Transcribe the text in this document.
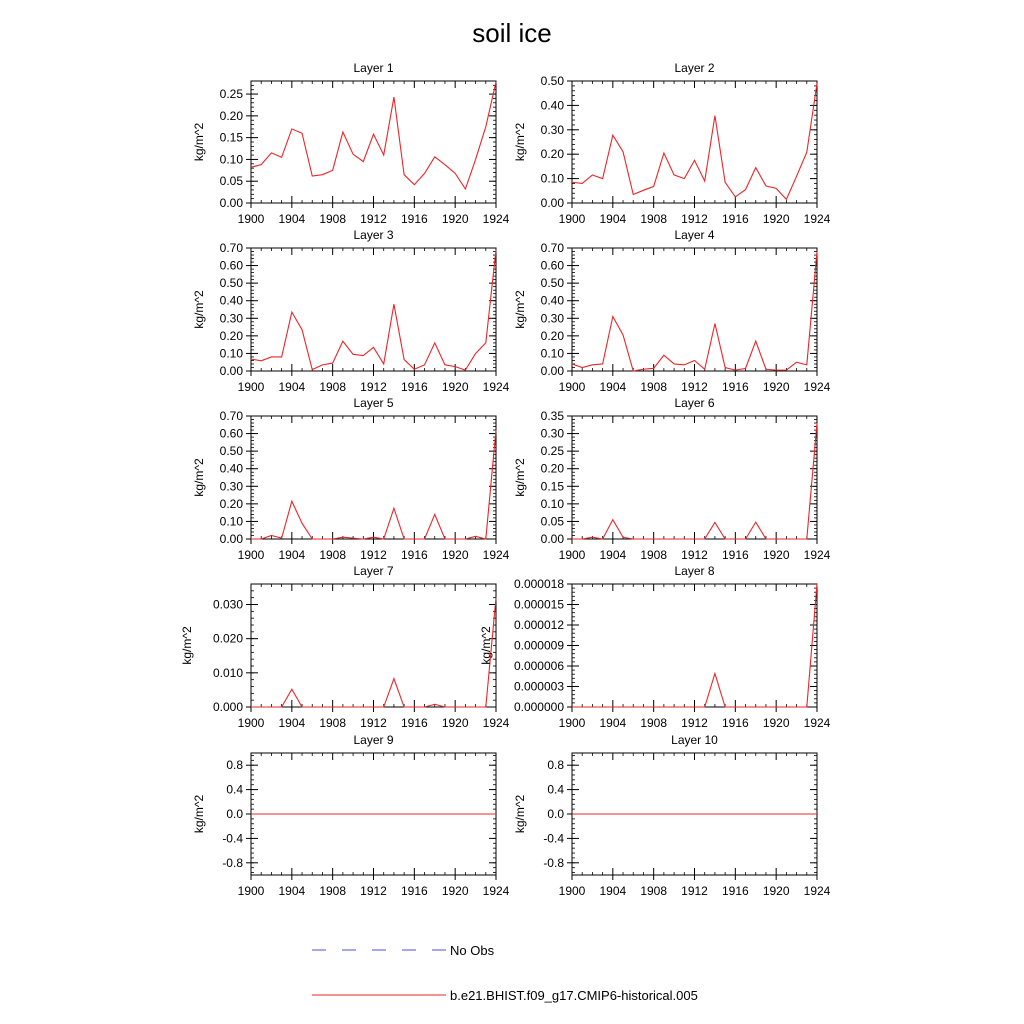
soil ice
Layer 1
0.00
0.05
0.10
0.15
0.20
0.25
1900 1904 1908 1912 1916 1920 1924
kg/m^2
Layer 2
0.00
0.10
0.20
0.30
0.40
0.50
1900 1904 1908 1912 1916 1920 1924
kg/m^2
Layer 3
0.00
0.10
0.20
0.30
0.40
0.50
0.60
0.70
1900 1904 1908 1912 1916 1920 1924
kg/m^2
Layer 4
0.00
0.10
0.20
0.30
0.40
0.50
0.60
0.70
1900 1904 1908 1912 1916 1920 1924
kg/m^2
Layer 5
0.00
0.10
0.20
0.30
0.40
0.50
0.60
0.70
1900 1904 1908 1912 1916 1920 1924
kg/m^2
Layer 6
0.00
0.05
0.10
0.15
0.20
0.25
0.30
0.35
1900 1904 1908 1912 1916 1920 1924
kg/m^2
Layer 7
0.000
0.010
0.020
0.030
1900 1904 1908 1912 1916 1920 1924
kg/m^2
Layer 8
0.000000
0.000003
0.000006
0.000009
0.000012
0.000015
0.000018
1900 1904 1908 1912 1916 1920 1924
kg/m^2
Layer 9
-0.8
-0.4
0.0
0.4
0.8
1900 1904 1908 1912 1916 1920 1924
kg/m^2
Layer 10
-0.8
-0.4
0.0
0.4
0.8
1900 1904 1908 1912 1916 1920 1924
kg/m^2
No Obs
b.e21.BHIST.f09_g17.CMIP6-historical.005
